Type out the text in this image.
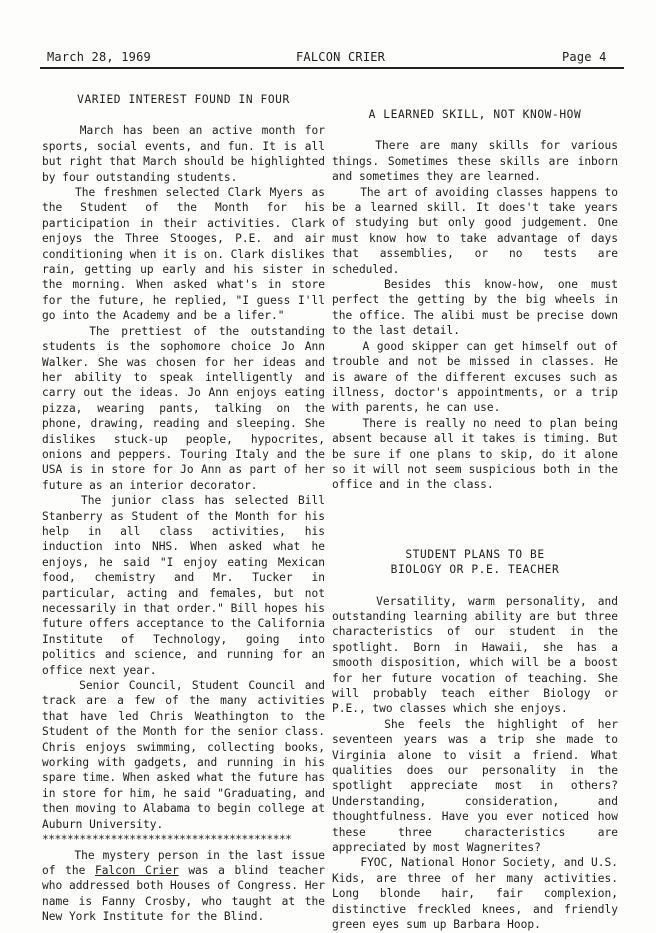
March 28, 1969	FALCON CRIER	Page 4
VARIED INTEREST FOUND IN FOUR

March has been an active month for sports, social events, and fun. It is all but right that March should be highlighted by four outstanding students.

The freshmen selected Clark Myers as the Student of the Month for his participation in their activities. Clark enjoys the Three Stooges, P.E. and air conditioning when it is on. Clark dislikes rain, getting up early and his sister in the morning. When asked what's in store for the future, he replied, "I guess I'll go into the Academy and be a lifer."

The prettiest of the outstanding students is the sophomore choice Jo Ann Walker. She was chosen for her ideas and her ability to speak intelligently and carry out the ideas. Jo Ann enjoys eating pizza, wearing pants, talking on the phone, drawing, reading and sleeping. She dislikes stuck-up people, hypocrites, onions and peppers. Touring Italy and the USA is in store for Jo Ann as part of her future as an interior decorator.

The junior class has selected Bill Stanberry as Student of the Month for his help in all class activities, his induction into NHS. When asked what he enjoys, he said "I enjoy eating Mexican food, chemistry and Mr. Tucker in particular, acting and females, but not necessarily in that order." Bill hopes his future offers acceptance to the California Institute of Technology, going into politics and science, and running for an office next year.

Senior Council, Student Council and track are a few of the many activities that have led Chris Weathington to the Student of the Month for the senior class. Chris enjoys swimming, collecting books, working with gadgets, and running in his spare time. When asked what the future has in store for him, he said "Graduating, and then moving to Alabama to begin college at Auburn University.

****************************************

The mystery person in the last issue of the Falcon Crier was a blind teacher who addressed both Houses of Congress. Her name is Fanny Crosby, who taught at the New York Institute for the Blind.

A LEARNED SKILL, NOT KNOW-HOW

There are many skills for various things. Sometimes these skills are inborn and sometimes they are learned.

The art of avoiding classes happens to be a learned skill. It does't take years of studying but only good judgement. One must know how to take advantage of days that assemblies, or no tests are scheduled.

Besides this know-how, one must perfect the getting by the big wheels in the office. The alibi must be precise down to the last detail.

A good skipper can get himself out of trouble and not be missed in classes. He is aware of the different excuses such as illness, doctor's appointments, or a trip with parents, he can use.

There is really no need to plan being absent because all it takes is timing. But be sure if one plans to skip, do it alone so it will not seem suspicious both in the office and in the class.

STUDENT PLANS TO BE
BIOLOGY OR P.E. TEACHER

Versatility, warm personality, and outstanding learning ability are but three characteristics of our student in the spotlight. Born in Hawaii, she has a smooth disposition, which will be a boost for her future vocation of teaching. She will probably teach either Biology or P.E., two classes which she enjoys.

She feels the highlight of her seventeen years was a trip she made to Virginia alone to visit a friend. What qualities does our personality in the spotlight appreciate most in others? Understanding, consideration, and thoughtfulness. Have you ever noticed how these three characteristics are appreciated by most Wagnerites?

FYOC, National Honor Society, and U.S. Kids, are three of her many activities. Long blonde hair, fair complexion, distinctive freckled knees, and friendly green eyes sum up Barbara Hoop.
